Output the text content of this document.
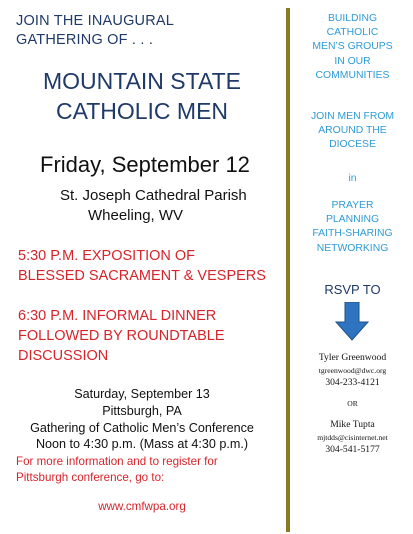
JOIN THE INAUGURAL
GATHERING OF . . .
MOUNTAIN STATE
CATHOLIC MEN
Friday, September 12
St. Joseph Cathedral Parish
Wheeling, WV
5:30 P.M. EXPOSITION OF
BLESSED SACRAMENT & VESPERS
6:30 P.M. INFORMAL DINNER
FOLLOWED BY ROUNDTABLE
DISCUSSION
Saturday, September 13
Pittsburgh, PA
Gathering of Catholic Men’s Conference
Noon to 4:30 p.m. (Mass at 4:30 p.m.)
For more information and to register for
Pittsburgh conference, go to:
www.cmfwpa.org
BUILDING
CATHOLIC
MEN’S GROUPS
IN OUR
COMMUNITIES
JOIN MEN FROM
AROUND THE
DIOCESE
in
PRAYER
PLANNING
FAITH-SHARING
NETWORKING
RSVP TO
Tyler Greenwood
tgreenwood@dwc.org
304-233-4121
OR
Mike Tupta
mjtdds@cisinternet.net
304-541-5177
